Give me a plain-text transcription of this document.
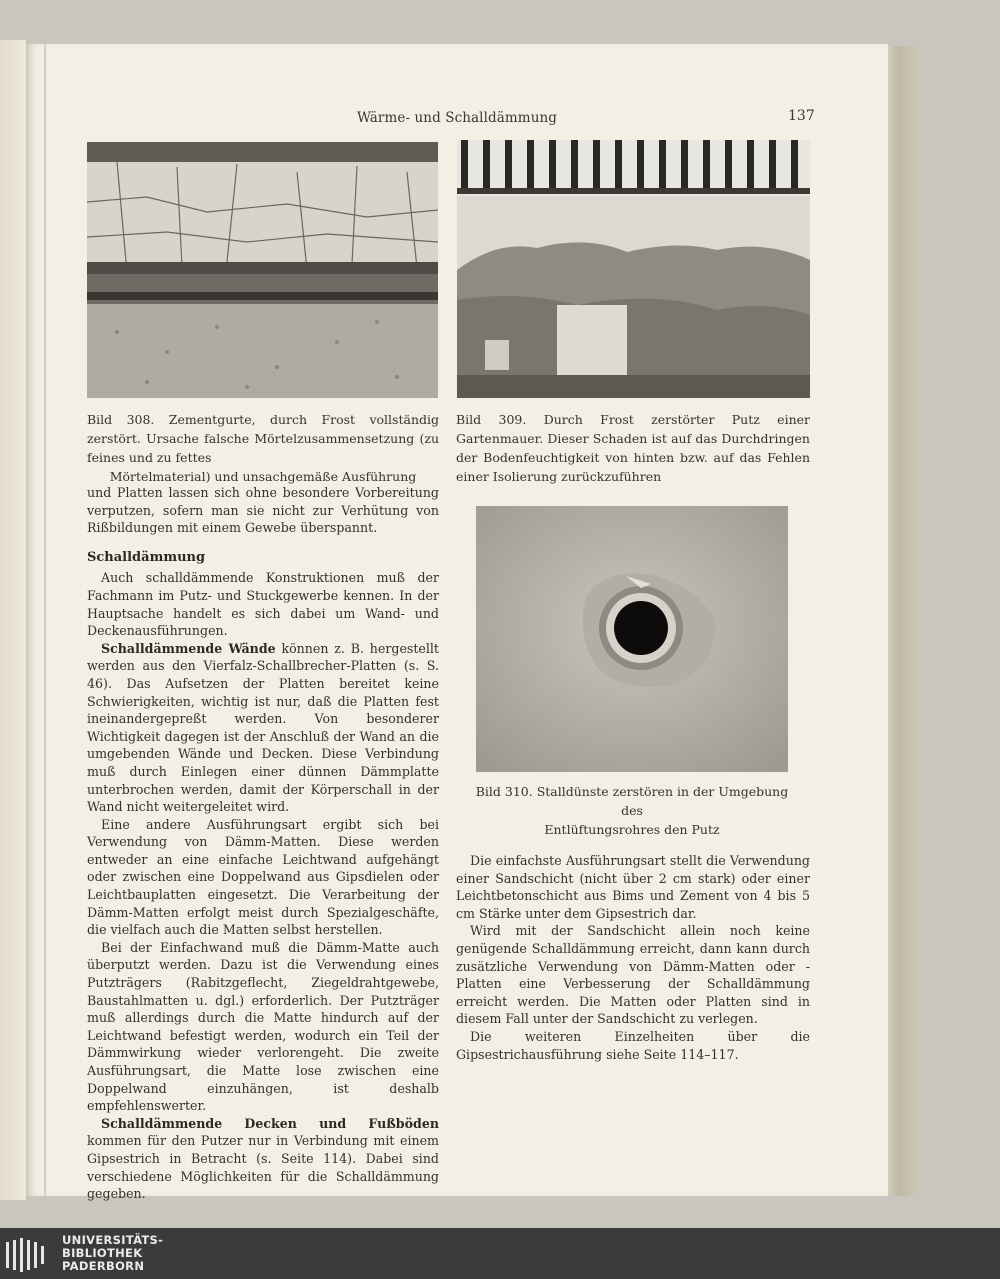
Wärme- und Schalldämmung	137
Bild 308. Zementgurte, durch Frost vollständig zerstört. Ursache falsche Mörtelzusammensetzung (zu feines und zu fettes
Mörtelmaterial) und unsachgemäße Ausführung
Bild 309. Durch Frost zerstörter Putz einer Gartenmauer. Dieser Schaden ist auf das Durchdringen der Bodenfeuchtigkeit von hinten bzw. auf das Fehlen einer Isolierung zurückzuführen

und Platten lassen sich ohne besondere Vorbereitung verputzen, sofern man sie nicht zur Verhütung von Rißbildungen mit einem Gewebe überspannt.

Schalldämmung

Auch schalldämmende Konstruktionen muß der Fachmann im Putz- und Stuckgewerbe kennen. In der Hauptsache handelt es sich dabei um Wand- und Deckenausführungen.

Schalldämmende Wände können z. B. hergestellt werden aus den Vierfalz-Schallbrecher-Platten (s. S. 46). Das Aufsetzen der Platten bereitet keine Schwierigkeiten, wichtig ist nur, daß die Platten fest ineinandergepreßt werden. Von besonderer Wichtigkeit dagegen ist der Anschluß der Wand an die umgebenden Wände und Decken. Diese Verbindung muß durch Einlegen einer dünnen Dämmplatte unterbrochen werden, damit der Körperschall in der Wand nicht weitergeleitet wird.

Eine andere Ausführungsart ergibt sich bei Verwendung von Dämm-Matten. Diese werden entweder an eine einfache Leichtwand aufgehängt oder zwischen eine Doppelwand aus Gipsdielen oder Leichtbauplatten eingesetzt. Die Verarbeitung der Dämm-Matten erfolgt meist durch Spezialgeschäfte, die vielfach auch die Matten selbst herstellen.

Bei der Einfachwand muß die Dämm-Matte auch überputzt werden. Dazu ist die Verwendung eines Putzträgers (Rabitzgeflecht, Ziegeldrahtgewebe, Baustahlmatten u. dgl.) erforderlich. Der Putzträger muß allerdings durch die Matte hindurch auf der Leichtwand befestigt werden, wodurch ein Teil der Dämmwirkung wieder verlorengeht. Die zweite Ausführungsart, die Matte lose zwischen eine Doppelwand einzuhängen, ist deshalb empfehlenswerter.

Schalldämmende Decken und Fußböden kommen für den Putzer nur in Verbindung mit einem Gipsestrich in Betracht (s. Seite 114). Dabei sind verschiedene Möglichkeiten für die Schalldämmung gegeben.

Bild 310. Stalldünste zerstören in der Umgebung des
Entlüftungsrohres den Putz

Die einfachste Ausführungsart stellt die Verwendung einer Sandschicht (nicht über 2 cm stark) oder einer Leichtbetonschicht aus Bims und Zement von 4 bis 5 cm Stärke unter dem Gipsestrich dar.

Wird mit der Sandschicht allein noch keine genügende Schalldämmung erreicht, dann kann durch zusätzliche Verwendung von Dämm-Matten oder -Platten eine Verbesserung der Schalldämmung erreicht werden. Die Matten oder Platten sind in diesem Fall unter der Sandschicht zu verlegen.

Die weiteren Einzelheiten über die Gipsestrichausführung siehe Seite 114–117.

UNIVERSITÄTS-
BIBLIOTHEK
PADERBORN
